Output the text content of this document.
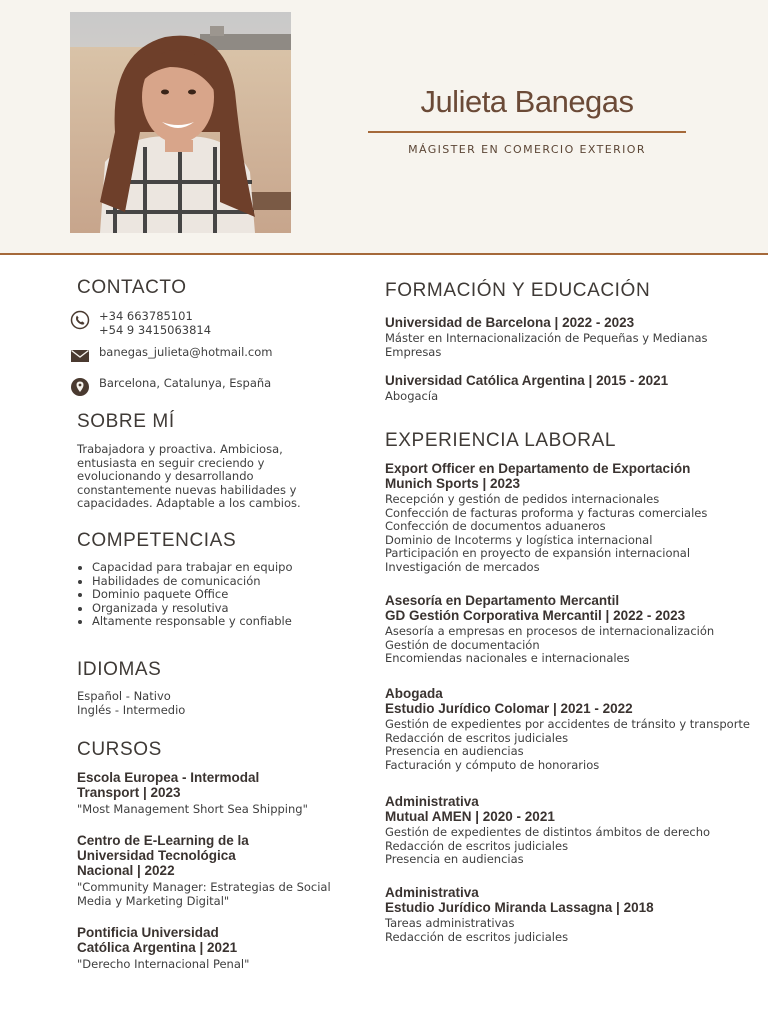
Julieta Banegas
MÁGISTER EN COMERCIO EXTERIOR
CONTACTO
+34 663785101
+54 9 3415063814
banegas_julieta@hotmail.com
Barcelona, Catalunya, España
SOBRE MÍ
Trabajadora y proactiva. Ambiciosa,
entusiasta en seguir creciendo y
evolucionando y desarrollando
constantemente nuevas habilidades y
capacidades. Adaptable a los cambios.
COMPETENCIAS
• Capacidad para trabajar en equipo
• Habilidades de comunicación
• Dominio paquete Office
• Organizada y resolutiva
• Altamente responsable y confiable
IDIOMAS
Español - Nativo
Inglés - Intermedio
CURSOS
Escola Europea - Intermodal
Transport | 2023
"Most Management Short Sea Shipping"
Centro de E-Learning de la
Universidad Tecnológica
Nacional | 2022
"Community Manager: Estrategias de Social
Media y Marketing Digital"
Pontificia Universidad
Católica Argentina | 2021
"Derecho Internacional Penal"
FORMACIÓN Y EDUCACIÓN
Universidad de Barcelona | 2022 - 2023
Máster en Internacionalización de Pequeñas y Medianas
Empresas
Universidad Católica Argentina | 2015 - 2021
Abogacía
EXPERIENCIA LABORAL
Export Officer en Departamento de Exportación
Munich Sports | 2023
Recepción y gestión de pedidos internacionales
Confección de facturas proforma y facturas comerciales
Confección de documentos aduaneros
Dominio de Incoterms y logística internacional
Participación en proyecto de expansión internacional
Investigación de mercados
Asesoría en Departamento Mercantil
GD Gestión Corporativa Mercantil | 2022 - 2023
Asesoría a empresas en procesos de internacionalización
Gestión de documentación
Encomiendas nacionales e internacionales
Abogada
Estudio Jurídico Colomar | 2021 - 2022
Gestión de expedientes por accidentes de tránsito y transporte
Redacción de escritos judiciales
Presencia en audiencias
Facturación y cómputo de honorarios
Administrativa
Mutual AMEN | 2020 - 2021
Gestión de expedientes de distintos ámbitos de derecho
Redacción de escritos judiciales
Presencia en audiencias
Administrativa
Estudio Jurídico Miranda Lassagna | 2018
Tareas administrativas
Redacción de escritos judiciales
